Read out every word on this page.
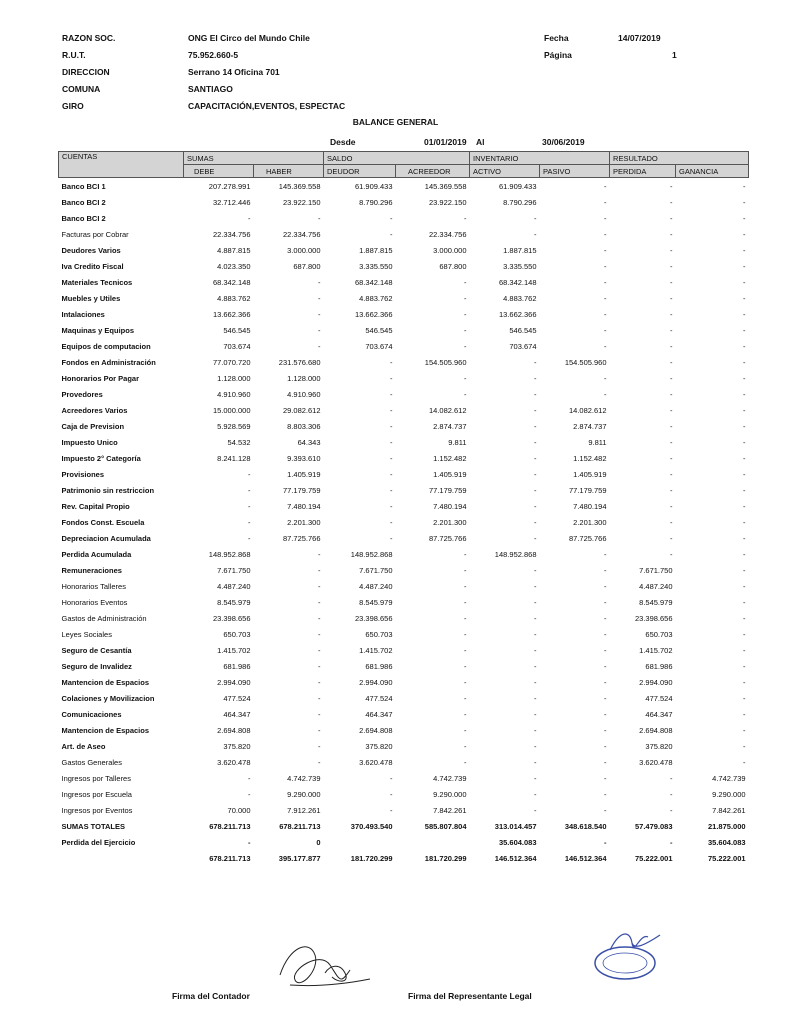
RAZON SOC.	ONG El Circo del Mundo Chile
R.U.T.	75.952.660-5
DIRECCION	Serrano 14 Oficina 701
COMUNA	SANTIAGO
GIRO	CAPACITACIÓN,EVENTOS, ESPECTAC
Fecha	14/07/2019
Página	1
BALANCE GENERAL
Desde	01/01/2019 Al	30/06/2019
CUENTAS	SUMAS		SALDO		INVENTARIO		RESULTADO	
	DEBE	HABER	DEUDOR	ACREEDOR	ACTIVO	PASIVO	PERDIDA	GANANCIA
Banco BCI 1	207.278.991	145.369.558	61.909.433	145.369.558	61.909.433	-	-	-
Banco BCI 2	32.712.446	23.922.150	8.790.296	23.922.150	8.790.296	-	-	-
Banco BCI 2	-	-	-	-	-	-	-	-
Facturas por Cobrar	22.334.756	22.334.756	-	22.334.756	-	-	-	-
Deudores Varios	4.887.815	3.000.000	1.887.815	3.000.000	1.887.815	-	-	-
Iva Credito Fiscal	4.023.350	687.800	3.335.550	687.800	3.335.550	-	-	-
Materiales Tecnicos	68.342.148	-	68.342.148	-	68.342.148	-	-	-
Muebles y Utiles	4.883.762	-	4.883.762	-	4.883.762	-	-	-
Intalaciones	13.662.366	-	13.662.366	-	13.662.366	-	-	-
Maquinas y Equipos	546.545	-	546.545	-	546.545	-	-	-
Equipos de computacion	703.674	-	703.674	-	703.674	-	-	-
Fondos en Administración	77.070.720	231.576.680	-	154.505.960	-	154.505.960	-	-
Honorarios Por Pagar	1.128.000	1.128.000	-	-	-	-	-	-
Provedores	4.910.960	4.910.960	-	-	-	-	-	-
Acreedores Varios	15.000.000	29.082.612	-	14.082.612	-	14.082.612	-	-
Caja de Prevision	5.928.569	8.803.306	-	2.874.737	-	2.874.737	-	-
Impuesto Unico	54.532	64.343	-	9.811	-	9.811	-	-
Impuesto 2° Categoría	8.241.128	9.393.610	-	1.152.482	-	1.152.482	-	-
Provisiones	-	1.405.919	-	1.405.919	-	1.405.919	-	-
Patrimonio sin restriccion	-	77.179.759	-	77.179.759	-	77.179.759	-	-
Rev. Capital Propio	-	7.480.194	-	7.480.194	-	7.480.194	-	-
Fondos Const. Escuela	-	2.201.300	-	2.201.300	-	2.201.300	-	-
Depreciacion Acumulada	-	87.725.766	-	87.725.766	-	87.725.766	-	-
Perdida Acumulada	148.952.868	-	148.952.868	-	148.952.868	-	-	-
Remuneraciones	7.671.750	-	7.671.750	-	-	-	7.671.750	-
Honorarios Talleres	4.487.240	-	4.487.240	-	-	-	4.487.240	-
Honorarios Eventos	8.545.979	-	8.545.979	-	-	-	8.545.979	-
Gastos de Administración	23.398.656	-	23.398.656	-	-	-	23.398.656	-
Leyes Sociales	650.703	-	650.703	-	-	-	650.703	-
Seguro de Cesantía	1.415.702	-	1.415.702	-	-	-	1.415.702	-
Seguro de Invalidez	681.986	-	681.986	-	-	-	681.986	-
Mantencion de Espacios	2.994.090	-	2.994.090	-	-	-	2.994.090	-
Colaciones y Movilizacion	477.524	-	477.524	-	-	-	477.524	-
Comunicaciones	464.347	-	464.347	-	-	-	464.347	-
Mantencion de Espacios	2.694.808	-	2.694.808	-	-	-	2.694.808	-
Art. de Aseo	375.820	-	375.820	-	-	-	375.820	-
Gastos Generales	3.620.478	-	3.620.478	-	-	-	3.620.478	-
Ingresos por Talleres	-	4.742.739	-	4.742.739	-	-	-	4.742.739
Ingresos por Escuela	-	9.290.000	-	9.290.000	-	-	-	9.290.000
Ingresos por Eventos	70.000	7.912.261	-	7.842.261	-	-	-	7.842.261
SUMAS TOTALES	678.211.713	678.211.713	370.493.540	585.807.804	313.014.457	348.618.540	57.479.083	21.875.000
Perdida del Ejercicio	-	0			35.604.083	-	-	35.604.083
	678.211.713	395.177.877	181.720.299	181.720.299	146.512.364	146.512.364	75.222.001	75.222.001
Firma del Contador	Firma del Representante Legal
